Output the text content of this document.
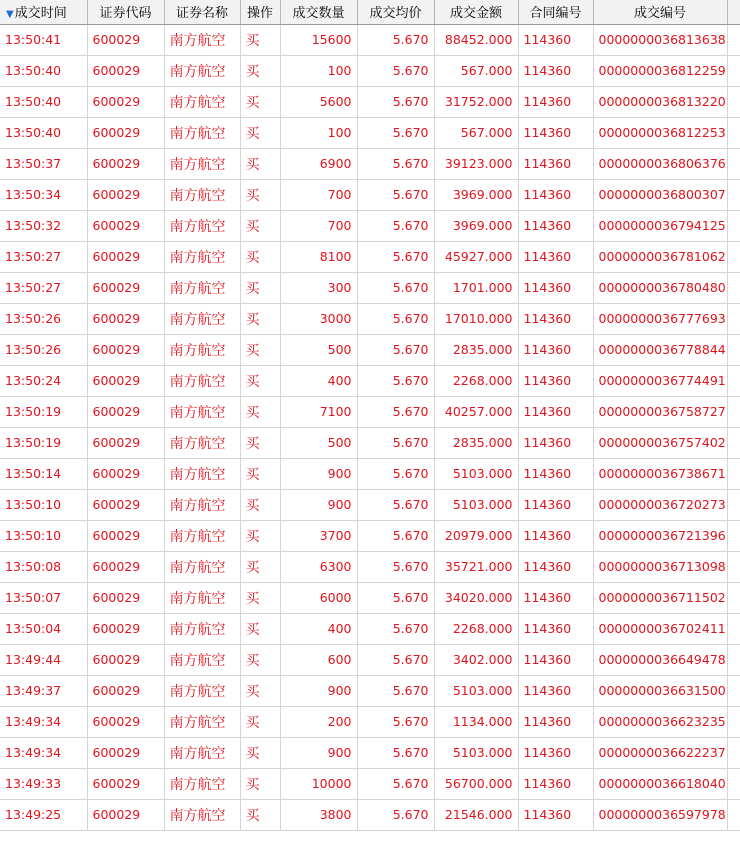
▼成交时间	证券代码	证券名称	操作	成交数量	成交均价	成交金额	合同编号	成交编号	
13:50:41	600029	南方航空	买	15600	5.670	88452.000	114360	0000000036813638	
13:50:40	600029	南方航空	买	100	5.670	567.000	114360	0000000036812259	
13:50:40	600029	南方航空	买	5600	5.670	31752.000	114360	0000000036813220	
13:50:40	600029	南方航空	买	100	5.670	567.000	114360	0000000036812253	
13:50:37	600029	南方航空	买	6900	5.670	39123.000	114360	0000000036806376	
13:50:34	600029	南方航空	买	700	5.670	3969.000	114360	0000000036800307	
13:50:32	600029	南方航空	买	700	5.670	3969.000	114360	0000000036794125	
13:50:27	600029	南方航空	买	8100	5.670	45927.000	114360	0000000036781062	
13:50:27	600029	南方航空	买	300	5.670	1701.000	114360	0000000036780480	
13:50:26	600029	南方航空	买	3000	5.670	17010.000	114360	0000000036777693	
13:50:26	600029	南方航空	买	500	5.670	2835.000	114360	0000000036778844	
13:50:24	600029	南方航空	买	400	5.670	2268.000	114360	0000000036774491	
13:50:19	600029	南方航空	买	7100	5.670	40257.000	114360	0000000036758727	
13:50:19	600029	南方航空	买	500	5.670	2835.000	114360	0000000036757402	
13:50:14	600029	南方航空	买	900	5.670	5103.000	114360	0000000036738671	
13:50:10	600029	南方航空	买	900	5.670	5103.000	114360	0000000036720273	
13:50:10	600029	南方航空	买	3700	5.670	20979.000	114360	0000000036721396	
13:50:08	600029	南方航空	买	6300	5.670	35721.000	114360	0000000036713098	
13:50:07	600029	南方航空	买	6000	5.670	34020.000	114360	0000000036711502	
13:50:04	600029	南方航空	买	400	5.670	2268.000	114360	0000000036702411	
13:49:44	600029	南方航空	买	600	5.670	3402.000	114360	0000000036649478	
13:49:37	600029	南方航空	买	900	5.670	5103.000	114360	0000000036631500	
13:49:34	600029	南方航空	买	200	5.670	1134.000	114360	0000000036623235	
13:49:34	600029	南方航空	买	900	5.670	5103.000	114360	0000000036622237	
13:49:33	600029	南方航空	买	10000	5.670	56700.000	114360	0000000036618040	
13:49:25	600029	南方航空	买	3800	5.670	21546.000	114360	0000000036597978	
